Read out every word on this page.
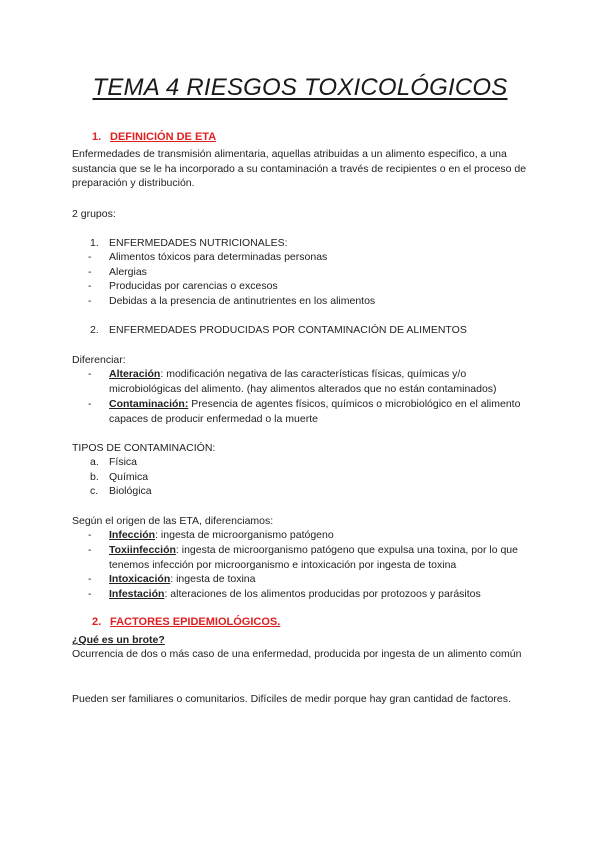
TEMA 4 RIESGOS TOXICOLÓGICOS
1. DEFINICIÓN DE ETA

Enfermedades de transmisión alimentaria, aquellas atribuidas a un alimento especifico, a una sustancia que se le ha incorporado a su contaminación a través de recipientes o en el proceso de preparación y distribución.

2 grupos:
1. ENFERMEDADES NUTRICIONALES:
- Alimentos tóxicos para determinadas personas
- Alergias
- Producidas por carencias o excesos
- Debidas a la presencia de antinutrientes en los alimentos
2. ENFERMEDADES PRODUCIDAS POR CONTAMINACIÓN DE ALIMENTOS
Diferenciar:
- Alteración: modificación negativa de las características físicas, químicas y/o microbiológicas del alimento. (hay alimentos alterados que no están contaminados)
- Contaminación: Presencia de agentes físicos, químicos o microbiológico en el alimento capaces de producir enfermedad o la muerte
TIPOS DE CONTAMINACIÓN:
a. Física
b. Química
c. Biológica
Según el origen de las ETA, diferenciamos:
- Infección: ingesta de microorganismo patógeno
- Toxiinfección: ingesta de microorganismo patógeno que expulsa una toxina, por lo que tenemos infección por microorganismo e intoxicación por ingesta de toxina
- Intoxicación: ingesta de toxina
- Infestación: alteraciones de los alimentos producidas por protozoos y parásitos
2. FACTORES EPIDEMIOLÓGICOS.
¿Qué es un brote?

Ocurrencia de dos o más caso de una enfermedad, producida por ingesta de un alimento común

Pueden ser familiares o comunitarios. Difíciles de medir porque hay gran cantidad de factores.
